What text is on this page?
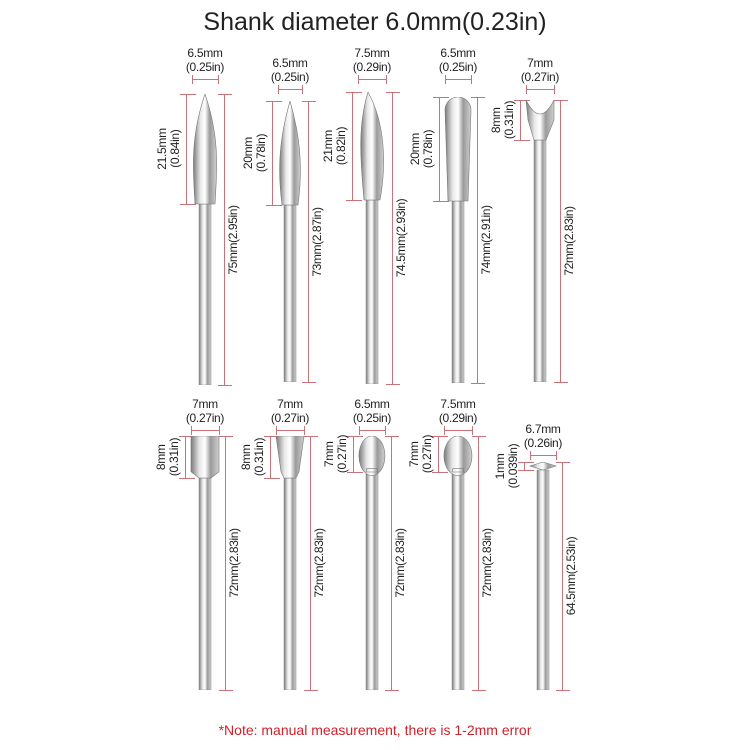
Shank diameter 6.0mm(0.23in)
6.5mm
(0.25in)
21.5mm (0.84in)
75mm(2.95in)
6.5mm
(0.25in)
20mm (0.78in)
73mm(2.87in)
7.5mm
(0.29in)
21mm (0.82in)
74.5mm(2.93in)
6.5mm
(0.25in)
20mm (0.78in)
74mm(2.91in)
7mm
(0.27in)
8mm (0.31in)
72mm(2.83in)
7mm
(0.27in)
8mm (0.31in)
72mm(2.83in)
7mm
(0.27in)
8mm (0.31in)
72mm(2.83in)
6.5mm
(0.25in)
7mm (0.27in)
72mm(2.83in)
7.5mm
(0.29in)
7mm (0.27in)
72mm(2.83in)
6.7mm
(0.26in)
1mm (0.039in)
64.5mm(2.53in)
*Note: manual measurement, there is 1-2mm error
